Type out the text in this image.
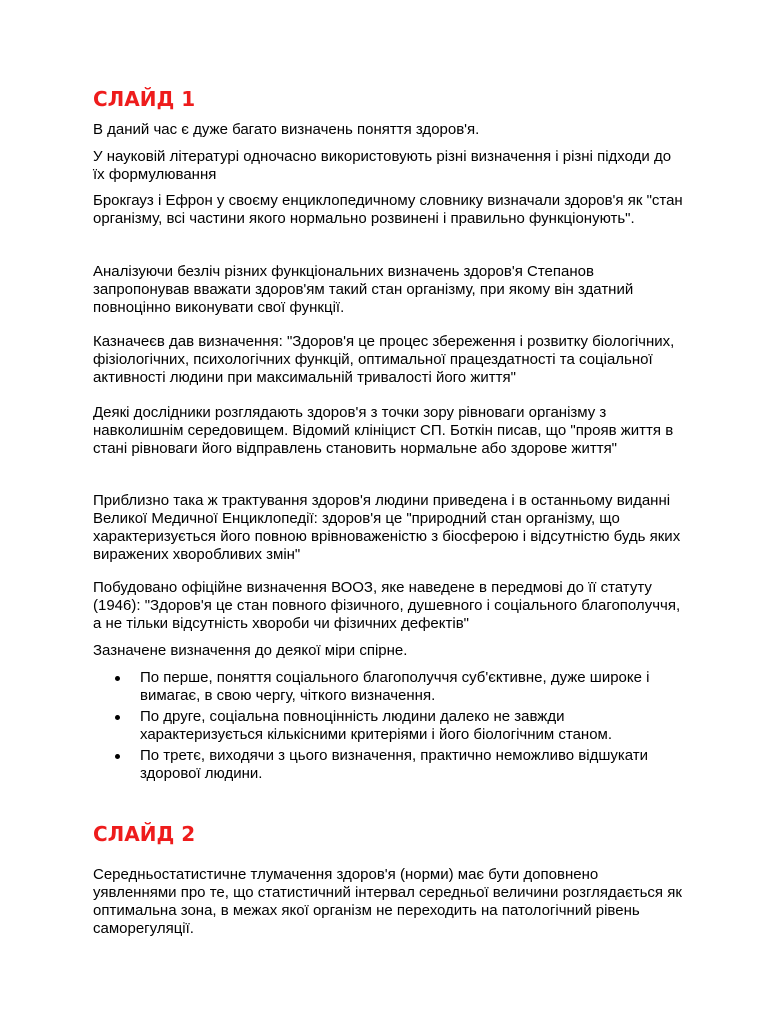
СЛАЙД 1

В даний час є дуже багато визначень поняття здоров'я.

У науковій літературі одночасно використовують різні визначення і різні підходи до їх формулювання

Брокгауз і Ефрон у своєму енциклопедичному словнику визначали здоров'я як "стан організму, всі частини якого нормально розвинені і правильно функціонують".

Аналізуючи безліч різних функціональних визначень здоров'я Степанов запропонував вважати здоров'ям такий стан організму, при якому він здатний повноцінно виконувати свої функції.

Казначеєв дав визначення: "Здоров'я це процес збереження і розвитку біологічних, фізіологічних, психологічних функцій, оптимальної працездатності та соціальної активності людини при максимальній тривалості його життя"

Деякі дослідники розглядають здоров'я з точки зору рівноваги організму з навколишнім середовищем. Відомий клініцист СП. Боткін писав, що "прояв життя в стані рівноваги його відправлень становить нормальне або здорове життя"

Приблизно така ж трактування здоров'я людини приведена і в останньому виданні Великої Медичної Енциклопедії: здоров'я це "природний стан організму, що характеризується його повною врівноваженістю з біосферою і відсутністю будь яких виражених хворобливих змін"

Побудовано офіційне визначення ВООЗ, яке наведене в передмові до її статуту (1946): "Здоров'я це стан повного фізичного, душевного і соціального благополуччя, а не тільки відсутність хвороби чи фізичних дефектів"

Зазначене визначення до деякої міри спірне.

По перше, поняття соціального благополуччя суб'єктивне, дуже широке і вимагає, в свою чергу, чіткого визначення.
По друге, соціальна повноцінність людини далеко не завжди характеризується кількісними критеріями і його біологічним станом.
По третє, виходячи з цього визначення, практично неможливо відшукати здорової людини.
СЛАЙД 2

Середньостатистичне тлумачення здоров'я (норми) має бути доповнено уявленнями про те, що статистичний інтервал середньої величини розглядається як оптимальна зона, в межах якої організм не переходить на патологічний рівень саморегуляції.
